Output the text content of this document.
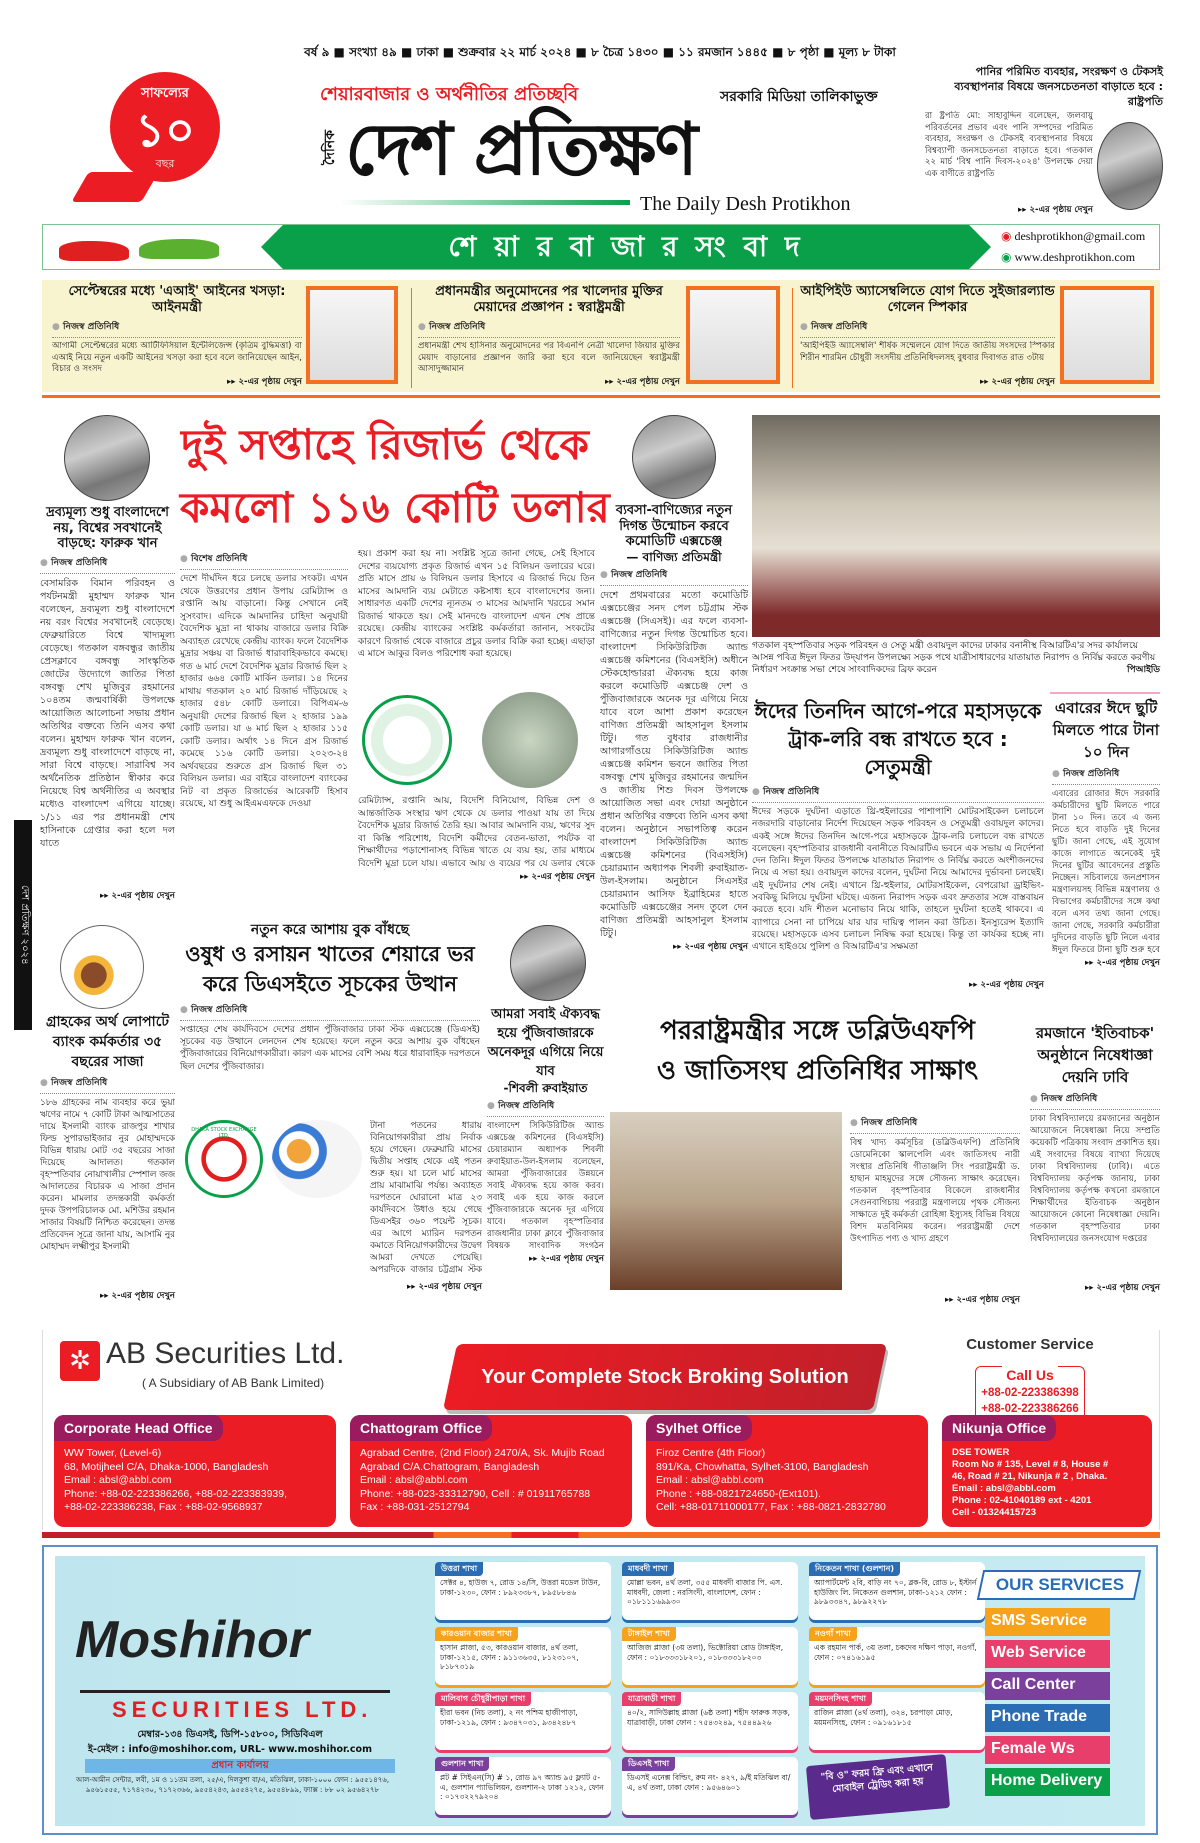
বর্ষ ৯ ■ সংখ্যা ৪৯ ■ ঢাকা ■ শুক্রবার ২২ মার্চ ২০২৪ ■ ৮ চৈত্র ১৪৩০ ■ ১১ রমজান ১৪৪৫ ■ ৮ পৃষ্ঠা ■ মূল্য ৮ টাকা
সাফল্যের
১০
বছর
শেয়ারবাজার ও অর্থনীতির প্রতিচ্ছবি	সরকারি মিডিয়া তালিকাভুক্ত
দৈনিক দেশ প্রতিক্ষণ
The Daily Desh Protikhon
পানির পরিমিত ব্যবহার, সংরক্ষণ ও টেকসই ব্যবস্থাপনার বিষয়ে জনসচেতনতা বাড়াতে হবে : রাষ্ট্রপতি
রা ষ্ট্রপতি মো: সাহাবুদ্দিন বলেছেন, জলবায়ু পরিবর্তনের প্রভাব এবং পানি সম্পদের পরিমিত ব্যবহার, সংরক্ষণ ও টেকসই ব্যবস্থাপনার বিষয়ে বিশ্বব্যাপী জনসচেতনতা বাড়াতে হবে। গতকাল ২২ মার্চ 'বিশ্ব পানি দিবস-২০২৪' উপলক্ষে দেয়া এক বাণীতে রাষ্ট্রপতি
▸▸ ২-এর পৃষ্ঠায় দেখুন
শে য়া র বা জা র সং বা দ	◉ deshprotikhon@gmail.com
◉ www.deshprotikhon.com
সেপ্টেম্বরের মধ্যে 'এআই' আইনের খসড়া: আইনমন্ত্রী
● নিজস্ব প্রতিনিধি
আগামী সেপ্টেম্বরের মধ্যে আর্টিফিসিয়াল ইন্টেলিজেন্স (কৃত্রিম বুদ্ধিমত্তা) বা এআই নিয়ে নতুন একটি আইনের খসড়া করা হবে বলে জানিয়েছেন আইন, বিচার ও সংসদ
▸▸ ২-এর পৃষ্ঠায় দেখুন
প্রধানমন্ত্রীর অনুমোদনের পর খালেদার মুক্তির মেয়াদের প্রজ্ঞাপন : স্বরাষ্ট্রমন্ত্রী
● নিজস্ব প্রতিনিধি
প্রধানমন্ত্রী শেখ হাসিনার অনুমোদনের পর বিএনপি নেত্রী খালেদা জিয়ার মুক্তির মেয়াদ বাড়ানোর প্রজ্ঞাপন জারি করা হবে বলে জানিয়েছেন স্বরাষ্ট্রমন্ত্রী আসাদুজ্জামান
▸▸ ২-এর পৃষ্ঠায় দেখুন
আইপিইউ অ্যাসেম্বলিতে যোগ দিতে সুইজারল্যান্ড গেলেন স্পিকার
● নিজস্ব প্রতিনিধি
'আইপিইউ অ্যাসেম্বলি' শীর্ষক সম্মেলনে যোগ দিতে জাতীয় সংসদের স্পিকার শিরীন শারমিন চৌধুরী সংসদীয় প্রতিনিধিদলসহ বুধবার দিবাগত রাত ৩টায়
▸▸ ২-এর পৃষ্ঠায় দেখুন
দেশ প্রতিক্ষণ ২০২৪
দ্রব্যমূল্য শুধু বাংলাদেশে নয়, বিশ্বের সবখানেই বাড়ছে: ফারুক খান
● নিজস্ব প্রতিনিধি
বেসামরিক বিমান পরিবহন ও পর্যটনমন্ত্রী মুহাম্মদ ফারুক খান বলেছেন, দ্রব্যমূল্য শুধু বাংলাদেশে নয় বরং বিশ্বের সবখানেই বেড়েছে। ফেব্রুয়ারিতে বিশ্বে খাদ্যমূল্য বেড়েছে। গতকাল বঙ্গবন্ধুর জাতীয় প্রেসক্লাবে বঙ্গবন্ধু সাংস্কৃতিক জোটের উদ্যোগে জাতির পিতা বঙ্গবন্ধু শেখ মুজিবুর রহমানের ১০৪তম জন্মবার্ষিকী উপলক্ষে আয়োজিত আলোচনা সভায় প্রধান অতিথির বক্তব্যে তিনি এসব কথা বলেন। মুহাম্মদ ফারুক খান বলেন, দ্রব্যমূল্য শুধু বাংলাদেশে বাড়ছে না, সারা বিশ্বে বাড়ছে। সারাবিশ্ব সব অর্থনৈতিক প্রতিষ্ঠান স্বীকার করে নিয়েছে বিশ্ব অর্থনীতির এ অবস্থার মধ্যেও বাংলাদেশ এগিয়ে যাচ্ছে। ১/১১ এর পর প্রধানমন্ত্রী শেখ হাসিনাকে গ্রেপ্তার করা হলে দল যাতে
▸▸ ২-এর পৃষ্ঠায় দেখুন
দুই সপ্তাহে রিজার্ভ থেকে
কমলো ১১৬ কোটি ডলার
● বিশেষ প্রতিনিধি
দেশে দীর্ঘদিন ধরে চলছে ডলার সংকট। এখন থেকে উত্তরণের প্রধান উপায় রেমিট্যান্স ও রপ্তানি আয় বাড়ানো। কিন্তু সেখানে নেই সুসংবাদ। এদিকে আমদানির চাহিদা অনুযায়ী বৈদেশিক মুদ্রা না থাকায় বাজারে ডলার বিক্রি অব্যাহত রেখেছে কেন্দ্রীয় ব্যাংক। ফলে বৈদেশিক মুদ্রার সঞ্চয় বা রিজার্ভ ধারাবাহিকভাবে কমছে। গত ৬ মার্চ দেশে বৈদেশিক মুদ্রার রিজার্ভ ছিল ২ হাজার ৬৬৪ কোটি মার্কিন ডলার। ১৪ দিনের মাথায় গতকাল ২০ মার্চ রিজার্ভ দাঁড়িয়েছে ২ হাজার ৫৪৮ কোটি ডলারে। বিপিএম-৬ অনুযায়ী দেশের রিজার্ভ ছিল ২ হাজার ১৯৯ কোটি ডলার। যা ৬ মার্চ ছিল ২ হাজার ১১৫ কোটি ডলার। অর্থাৎ ১৪ দিনে গ্রস রিজার্ভ কমেছে ১১৬ কোটি ডলার। ২০২৩-২৪ অর্থবছরের শুরুতে গ্রস রিজার্ভ ছিল ৩১ বিলিয়ন ডলার। এর বাইরে বাংলাদেশ ব্যাংকের নিট বা প্রকৃত রিজার্ভের আরেকটি হিসাব রয়েছে, যা শুধু আইএমএফকে দেওয়া
হয়। প্রকাশ করা হয় না। সংশ্লিষ্ট সূত্রে জানা গেছে, সেই হিসাবে দেশের ব্যয়যোগ্য প্রকৃত রিজার্ভ এখন ১৫ বিলিয়ন ডলারের ঘরে। প্রতি মাসে প্রায় ৬ বিলিয়ন ডলার হিসাবে এ রিজার্ভ দিয়ে তিন মাসের আমদানি ব্যয় মেটাতে কষ্টসাধ্য হবে বাংলাদেশের জন্য। সাধারণত একটি দেশের ন্যূনতম ৩ মাসের আমদানি খরচের সমান রিজার্ভ থাকতে হয়। সেই মানদণ্ডে বাংলাদেশ এখন শেষ প্রান্তে রয়েছে। কেন্দ্রীয় ব্যাংকের সংশ্লিষ্ট কর্মকর্তারা জানান, সংকটের কারণে রিজার্ভ থেকে বাজারে প্রচুর ডলার বিক্রি করা হচ্ছে। এছাড়া এ মাসে আকুর বিলও পরিশোধ করা হয়েছে।
রেমিট্যান্স, রপ্তানি আয়, বিদেশি বিনিয়োগ, বিভিন্ন দেশ ও আন্তর্জাতিক সংস্থার ঋণ থেকে যে ডলার পাওয়া যায় তা দিয়ে বৈদেশিক মুদ্রার রিজার্ভ তৈরি হয়। আবার আমদানি ব্যয়, ঋণের সুদ বা কিস্তি পরিশোধ, বিদেশি কর্মীদের বেতন-ভাতা, পর্যটক বা শিক্ষার্থীদের পড়াশোনাসহ বিভিন্ন খাতে যে ব্যয় হয়, তার মাধ্যমে বিদেশি মুদ্রা চলে যায়। এভাবে আয় ও ব্যয়ের পর যে ডলার থেকে
▸▸ ২-এর পৃষ্ঠায় দেখুন
ব্যবসা-বাণিজ্যের নতুন দিগন্ত উন্মোচন করবে কমোডিটি এক্সচেঞ্জ
— বাণিজ্য প্রতিমন্ত্রী
● নিজস্ব প্রতিনিধি
দেশে প্রথমবারের মতো কমোডিটি এক্সচেঞ্জের সনদ পেল চট্টগ্রাম স্টক এক্সচেঞ্জ (সিএসই)। এর ফলে ব্যবসা-বাণিজ্যের নতুন দিগন্ত উন্মোচিত হবে। বাংলাদেশ সিকিউরিটিজ অ্যান্ড এক্সচেঞ্জ কমিশনের (বিএসইসি) অধীনে স্টেকহোল্ডাররা ঐক্যবদ্ধ হয়ে কাজ করলে কমোডিটি এক্সচেঞ্জ দেশ ও পুঁজিবাজারকে অনেক দূর এগিয়ে নিয়ে যাবে বলে আশা প্রকাশ করেছেন বাণিজ্য প্রতিমন্ত্রী আহসানুল ইসলাম টিটু। গত বুধবার রাজধানীর আগারগাঁওয়ে সিকিউরিটিজ অ্যান্ড এক্সচেঞ্জ কমিশন ভবনে জাতির পিতা বঙ্গবন্ধু শেখ মুজিবুর রহমানের জন্মদিন ও জাতীয় শিশু দিবস উপলক্ষে আয়োজিত সভা এবং দোয়া অনুষ্ঠানে প্রধান অতিথির বক্তব্যে তিনি এসব কথা বলেন। অনুষ্ঠানে সভাপতিত্ব করেন বাংলাদেশ সিকিউরিটিজ অ্যান্ড এক্সচেঞ্জ কমিশনের (বিএসইসি) চেয়ারম্যান অধ্যাপক শিবলী রুবাইয়াত-উল-ইসলাম। অনুষ্ঠানে সিএসইর চেয়ারম্যান আসিফ ইব্রাহিমের হাতে কমোডিটি এক্সচেঞ্জের সনদ তুলে দেন বাণিজ্য প্রতিমন্ত্রী আহসানুল ইসলাম টিটু।
▸▸ ২-এর পৃষ্ঠায় দেখুন
গতকাল বৃহস্পতিবার সড়ক পরিবহন ও সেতু মন্ত্রী ওবায়দুল কাদের ঢাকার বনানীস্থ বিআরটিএ'র সদর কার্যালয়ে আসন্ন পবিত্র ঈদুল ফিতর উদ্‌যাপন উপলক্ষ্যে সড়ক পথে যাত্রীসাধারণের যাতায়াত নিরাপদ ও নির্বিঘ্ন করতে করণীয় নির্ধারণ সংক্রান্ত সভা শেষে সাংবাদিকদের ব্রিফ করেন	পিআইডি
ঈদের তিনদিন আগে-পরে মহাসড়কে ট্রাক-লরি বন্ধ রাখতে হবে : সেতুমন্ত্রী
● নিজস্ব প্রতিনিধি
ঈদের সড়কে দুর্ঘটনা এড়াতে থ্রি-হুইলারের পাশাপাশি মোটরসাইকেল চলাচলে নজরদারি বাড়ানোর নির্দেশ দিয়েছেন সড়ক পরিবহন ও সেতুমন্ত্রী ওবায়দুল কাদের। একই সঙ্গে ঈদের তিনদিন আগে-পরে মহাসড়কে ট্রাক-লরি চলাচলে বন্ধ রাখতে বলেছেন। বৃহস্পতিবার রাজধানী বনানীতে বিআরটিএ ভবনে এক সভায় এ নির্দেশনা দেন তিনি। ঈদুল ফিতর উপলক্ষে যাতায়াত নিরাপদ ও নির্বিঘ্ন করতে অংশীজনদের নিয়ে এ সভা হয়। ওবায়দুল কাদের বলেন, দুর্ঘটনা নিয়ে আমাদের দুর্ভাবনা চলছেই। এই দুর্ঘটনার শেষ নেই। এখানে থ্রি-হুইলার, মোটরসাইকেল, বেপরোয়া ড্রাইভিং- সবকিছু মিলিয়ে দুর্ঘটনা ঘটছে। এজন্য নিরাপদ সড়ক এবং দ্রুততার সঙ্গে বাস্তবায়ন করতে হবে। যদি শীতল মনোভাব নিয়ে থাকি, তাহলে দুর্ঘটনা হতেই থাকবে। এ ব্যাপারে সেনা না চাপিয়ে যার যার দায়িত্ব পালন করা উচিত। ইনস্যুরেন্স ইত্যাদি রয়েছে। মহাসড়কে এসব চলাচল নিষিদ্ধ করা হয়েছে। কিন্তু তা কার্যকর হচ্ছে না। এখানে হাইওয়ে পুলিশ ও বিআরটিএ'র সক্ষমতা
▸▸ ২-এর পৃষ্ঠায় দেখুন
এবারের ঈদে ছুটি মিলতে পারে টানা ১০ দিন
● নিজস্ব প্রতিনিধি
এবারের রোজার ঈদে সরকারি কর্মচারীদের ছুটি মিলতে পারে টানা ১০ দিন। তবে এ জন্য নিতে হবে বাড়তি দুই দিনের ছুটি। জানা গেছে, এই সুযোগ কাজে লাগাতে অনেকেই দুই দিনের ছুটির আবেদনের প্রস্তুতি নিচ্ছেন। সচিবালয়ে জনপ্রশাসন মন্ত্রণালয়সহ বিভিন্ন মন্ত্রণালয় ও বিভাগের কর্মচারীদের সঙ্গে কথা বলে এসব তথ্য জানা গেছে। জানা গেছে, সরকারি কর্মচারীরা দুদিনের বাড়তি ছুটি নিলে এবার ঈদুল ফিতরে টানা ছুটি শুরু হবে
▸▸ ২-এর পৃষ্ঠায় দেখুন
গ্রাহকের অর্থ লোপাটে ব্যাংক কর্মকর্তার ৩৫ বছরের সাজা
● নিজস্ব প্রতিনিধি
১৮৬ গ্রাহকের নাম ব্যবহার করে ভুয়া ঋণের নামে ৭ কোটি টাকা আত্মসাতের দায়ে ইসলামী ব্যাংক রাজপুর শাখার ফিল্ড সুপারভাইজার নুর মোহাম্মদকে বিভিন্ন ধারায় মোট ৩৫ বছরের সাজা দিয়েছে আদালত। গতকাল বৃহস্পতিবার নোয়াখালীর স্পেশাল জজ আদালতের বিচারক এ সাজা প্রদান করেন। মামলার তদন্তকারী কর্মকর্তা দুদক উপপরিচালক মো. মশিউর রহমান সাজার বিষয়টি নিশ্চিত করেছেন। তদন্ত প্রতিবেদন সূত্রে জানা যায়, আসামি নুর মোহাম্মদ লক্ষ্মীপুর ইসলামী
▸▸ ২-এর পৃষ্ঠায় দেখুন
নতুন করে আশায় বুক বাঁধছে
ওষুধ ও রসায়ন খাতের শেয়ারে ভর করে ডিএসইতে সূচকের উত্থান
● নিজস্ব প্রতিনিধি
সপ্তাহের শেষ কার্যদিবসে দেশের প্রধান পুঁজিবাজার ঢাকা স্টক এক্সচেঞ্জে (ডিএসই) সূচকের বড় উত্থানে লেনদেন শেষ হয়েছে। ফলে নতুন করে আশায় বুক বাঁধছেন পুঁজিবাজারের বিনিয়োগকারীরা। কারণ এক মাসের বেশি সময় ধরে ধারাবাহিক দরপতনে ছিল দেশের পুঁজিবাজার।
DHAKA STOCK EXCHANGE LTD.
টানা পতনের ধারায় বিনিয়োগকারীরা প্রায় নির্বাক হয়ে গেছেন। ফেব্রুয়ারি মাসের দ্বিতীয় সপ্তাহ থেকে এই পতন শুরু হয়। যা চলে মার্চ মাসের প্রায় মাঝামাঝি পর্যন্ত। অব্যাহত দরপতনে ঘোরানো মাত্র ২৩ কার্যদিবসে উধাও হয়ে গেছে ডিএসইর ৩৬০ পয়েন্ট সূচক। এর আগে ম্যারিন দরপতন কমাতে বিনিয়োগকারীদের উদ্বেগ আমরা দেখতে পেয়েছি। অপরদিকে বাজার চট্টগ্রাম স্টক
▸▸ ২-এর পৃষ্ঠায় দেখুন
আমরা সবাই ঐক্যবদ্ধ হয়ে পুঁজিবাজারকে অনেকদূর এগিয়ে নিয়ে যাব
-শিবলী রুবাইয়াত
● নিজস্ব প্রতিনিধি
বাংলাদেশ সিকিউরিটিজ অ্যান্ড এক্সচেঞ্জ কমিশনের (বিএসইসি) চেয়ারম্যান অধ্যাপক শিবলী রুবাইয়াত-উল-ইসলাম বলেছেন, আমরা পুঁজিবাজারের উন্নয়নে সবাই ঐক্যবদ্ধ হয়ে কাজ করব। সবাই এক হয়ে কাজ করলে পুঁজিবাজারকে অনেক দূর এগিয়ে যাবে। গতকাল বৃহস্পতিবার রাজধানীর ঢাকা ক্লাবে পুঁজিবাজার বিষয়ক সাংবাদিক সংগঠন
▸▸ ২-এর পৃষ্ঠায় দেখুন
পররাষ্ট্রমন্ত্রীর সঙ্গে ডব্লিউএফপি
ও জাতিসংঘ প্রতিনিধির সাক্ষাৎ
● নিজস্ব প্রতিনিধি
বিশ্ব খাদ্য কর্মসূচির (ডব্লিউএফপি) প্রতিনিধি ডোমেনিকো স্কালপেলি এবং জাতিসংঘ নারী সংস্থার প্রতিনিধি গীতাঞ্জলি সিং পররাষ্ট্রমন্ত্রী ড. হাছান মাহমুদের সঙ্গে সৌজন্য সাক্ষাৎ করেছেন। গতকাল বৃহস্পতিবার বিকেলে রাজধানীর সেগুনবাগিচায় পররাষ্ট্র মন্ত্রণালয়ে পৃথক সৌজন্য সাক্ষাতে দুই কর্মকর্তা রোহিঙ্গা ইস্যুসহ বিভিন্ন বিষয়ে বিশদ মতবিনিময় করেন। পররাষ্ট্রমন্ত্রী দেশে উৎপাদিত পণ্য ও খাদ্য গ্রহণে
▸▸ ২-এর পৃষ্ঠায় দেখুন
রমজানে 'ইতিবাচক' অনুষ্ঠানে নিষেধাজ্ঞা দেয়নি ঢাবি
● নিজস্ব প্রতিনিধি
ঢাকা বিশ্ববিদ্যালয়ে রমজানের অনুষ্ঠান আয়োজনে নিষেধাজ্ঞা নিয়ে সম্প্রতি কয়েকটি পত্রিকায় সংবাদ প্রকাশিত হয়। এই সংবাদের বিষয়ে ব্যাখ্যা দিয়েছে ঢাকা বিশ্ববিদ্যালয় (ঢাবি)। এতে বিশ্ববিদ্যালয় কর্তৃপক্ষ জানায়, ঢাকা বিশ্ববিদ্যালয় কর্তৃপক্ষ কখনো রমজানে শিক্ষার্থীদের ইতিবাচক অনুষ্ঠান আয়োজনে কোনো নিষেধাজ্ঞা দেয়নি। গতকাল বৃহস্পতিবার ঢাকা বিশ্ববিদ্যালয়ের জনসংযোগ দপ্তরের
▸▸ ২-এর পৃষ্ঠায় দেখুন
✲ AB Securities Ltd.
( A Subsidiary of AB Bank Limited)	Your Complete Stock Broking Solution
Customer Service
Call Us
+88-02-223386398
+88-02-223386266
Corporate Head Office
WW Tower, (Level-6)
68, Motijheel C/A, Dhaka-1000, Bangladesh
Email : absl@abbl.com
Phone: +88-02-223386266, +88-02-223383939,
+88-02-223386238, Fax : +88-02-9568937
Chattogram Office
Agrabad Centre, (2nd Floor) 2470/A, Sk. Mujib Road
Agrabad C/A.Chattogram, Bangladesh
Email : absl@abbl.com
Phone: +88-023-33312790, Cell : # 01911765788
Fax : +88-031-2512794
Sylhet Office
Firoz Centre (4th Floor)
891/Ka, Chowhatta, Sylhet-3100, Bangladesh
Email : absl@abbl.com
Phone : +88-0821724650-(Ext101).
Cell: +88-01711000177, Fax : +88-0821-2832780
Nikunja Office
DSE TOWER
Room No # 135, Level # 8, House #
46, Road # 21, Nikunja # 2 , Dhaka.
Email : absl@abbl.com
Phone : 02-41040189 ext - 4201
Cell - 01324415723
Moshihor
SECURITIES LTD.
মেম্বার-১৩৪ ডিএসই, ডিপি-১৫৮০০, সিডিবিএল
ই-মেইল : info@moshihor.com, URL- www.moshihor.com
প্রধান কার্যালয়
আল-আমীন সেন্টার, লবী, ১ম ও ১১তম তলা, ২৫/এ, দিলকুশা বা/এ, মতিঝিল, ঢাকা-১০০০ ফোন : ৯৫৫১৪৭৬, ৯৫৬১৫৫৫, ৭১৭৪২৩০, ৭১৭২৩৬৬, ৯৫৫৪২৪৩, ৯৫৫৪২৭৫, ৯৫৫৪৮৯৯, ফ্যাক্স : ৮৮ ০২ ৯৫৬৪২৭৮
উত্তরা শাখা
সেক্টর ৪, হাউজ ৭, রোড ১৪/সি, উত্তরা মডেল টাউন, ঢাকা-১২৩০, ফোন : ৮৯২৩৩৮৭, ৮৯৫৮৮৪৬
কারওয়ান বাজার শাখা
হাসান প্লাজা, ৫৩, কারওয়ান বাজার, ৪র্থ তলা, ঢাকা-১২১৫, ফোন : ৯১১৩৬৩৫, ৮১২৩১০৭, ৮১৮৭৩১৯
মালিবাগ চৌধুরীপাড়া শাখা
হীরা ভবন (নিচ তলা), ২ নং পশ্চিম হাজীপাড়া, ঢাকা-১২১৯, ফোন : ৯৩৪৭০৩১, ৯৩৪২৪৮৭
গুলশান শাখা
প্লট # সিইএন(সি) # ১, রোড ৯৭ অ্যান্ড ৯৫ ফ্ল্যাট ৫-এ, গুলশান প্যাভিলিয়ন, গুলশান-২ ঢাকা ১২১২, ফোন : ০১৭৩২২৭৯২০৪
মাধবদী শাখা
মোল্লা ভবন, ৪র্থ তলা, ৩৫৫ মাধবদী বাজার পি. এস. মাধবদী, জেলা : নরসিংদী, বাংলাদেশ, ফোন : ০১৮১১১৬৯৯৩০
টাঙ্গাইল শাখা
আজিজ প্লাজা (৩য় তলা), ভিক্টোরিয়া রোড টাঙ্গাইল, ফোন : ০১৮৩৩৩১৮২০১, ০১৮৩৩৩১৮২০৩
যাত্রাবাড়ী শাখা
৪০/২, সাদিউল্লাহ প্লাজা (৬ষ্ঠ তলা) শহীদ ফারুক সড়ক, যাত্রাবাড়ী, ঢাকা ফোন : ৭৫৪৩২৪৯, ৭৫৪৪৯২৬
ডিএসই শাখা
ডিএসই এনেক্স বিল্ডিং, রুম নং- ৪২৭, ৯/ই মতিঝিল বা/এ, ৪র্থ তলা, ঢাকা ফোন : ৯৫৬৪৬০১
নিকেতন শাখা (গুলশান)
অ্যাপার্টমেন্ট ২বি, বাড়ি নং ৭০, ব্লক-বি, রোড ৮, ইস্টার্ন হাউজিং লি. নিকেতন গুলশান, ঢাকা-১২১২ ফোন : ৯৮৯৩৩৪৭, ৯৮৯২২৭৮
নওগাঁ শাখা
এক রহমান পার্ক, ৩য় তলা, চকদেব দক্ষিণ পাড়া, নওগাঁ, ফোন : ০৭৪১৬১৯৫
ময়মনসিংহ শাখা
রাজিন প্লাজা (৪র্থ তলা), ৩২৪, চরপাড়া মোড়, ময়মনসিংহ, ফোন : ০৯১৬১৮১৫
"বি ও" ফরম ফ্রি এবং এখানে মোবাইল ট্রেডিং করা হয়
OUR SERVICES
SMS Service
Web Service
Call Center
Phone Trade
Female Ws
Home Delivery
